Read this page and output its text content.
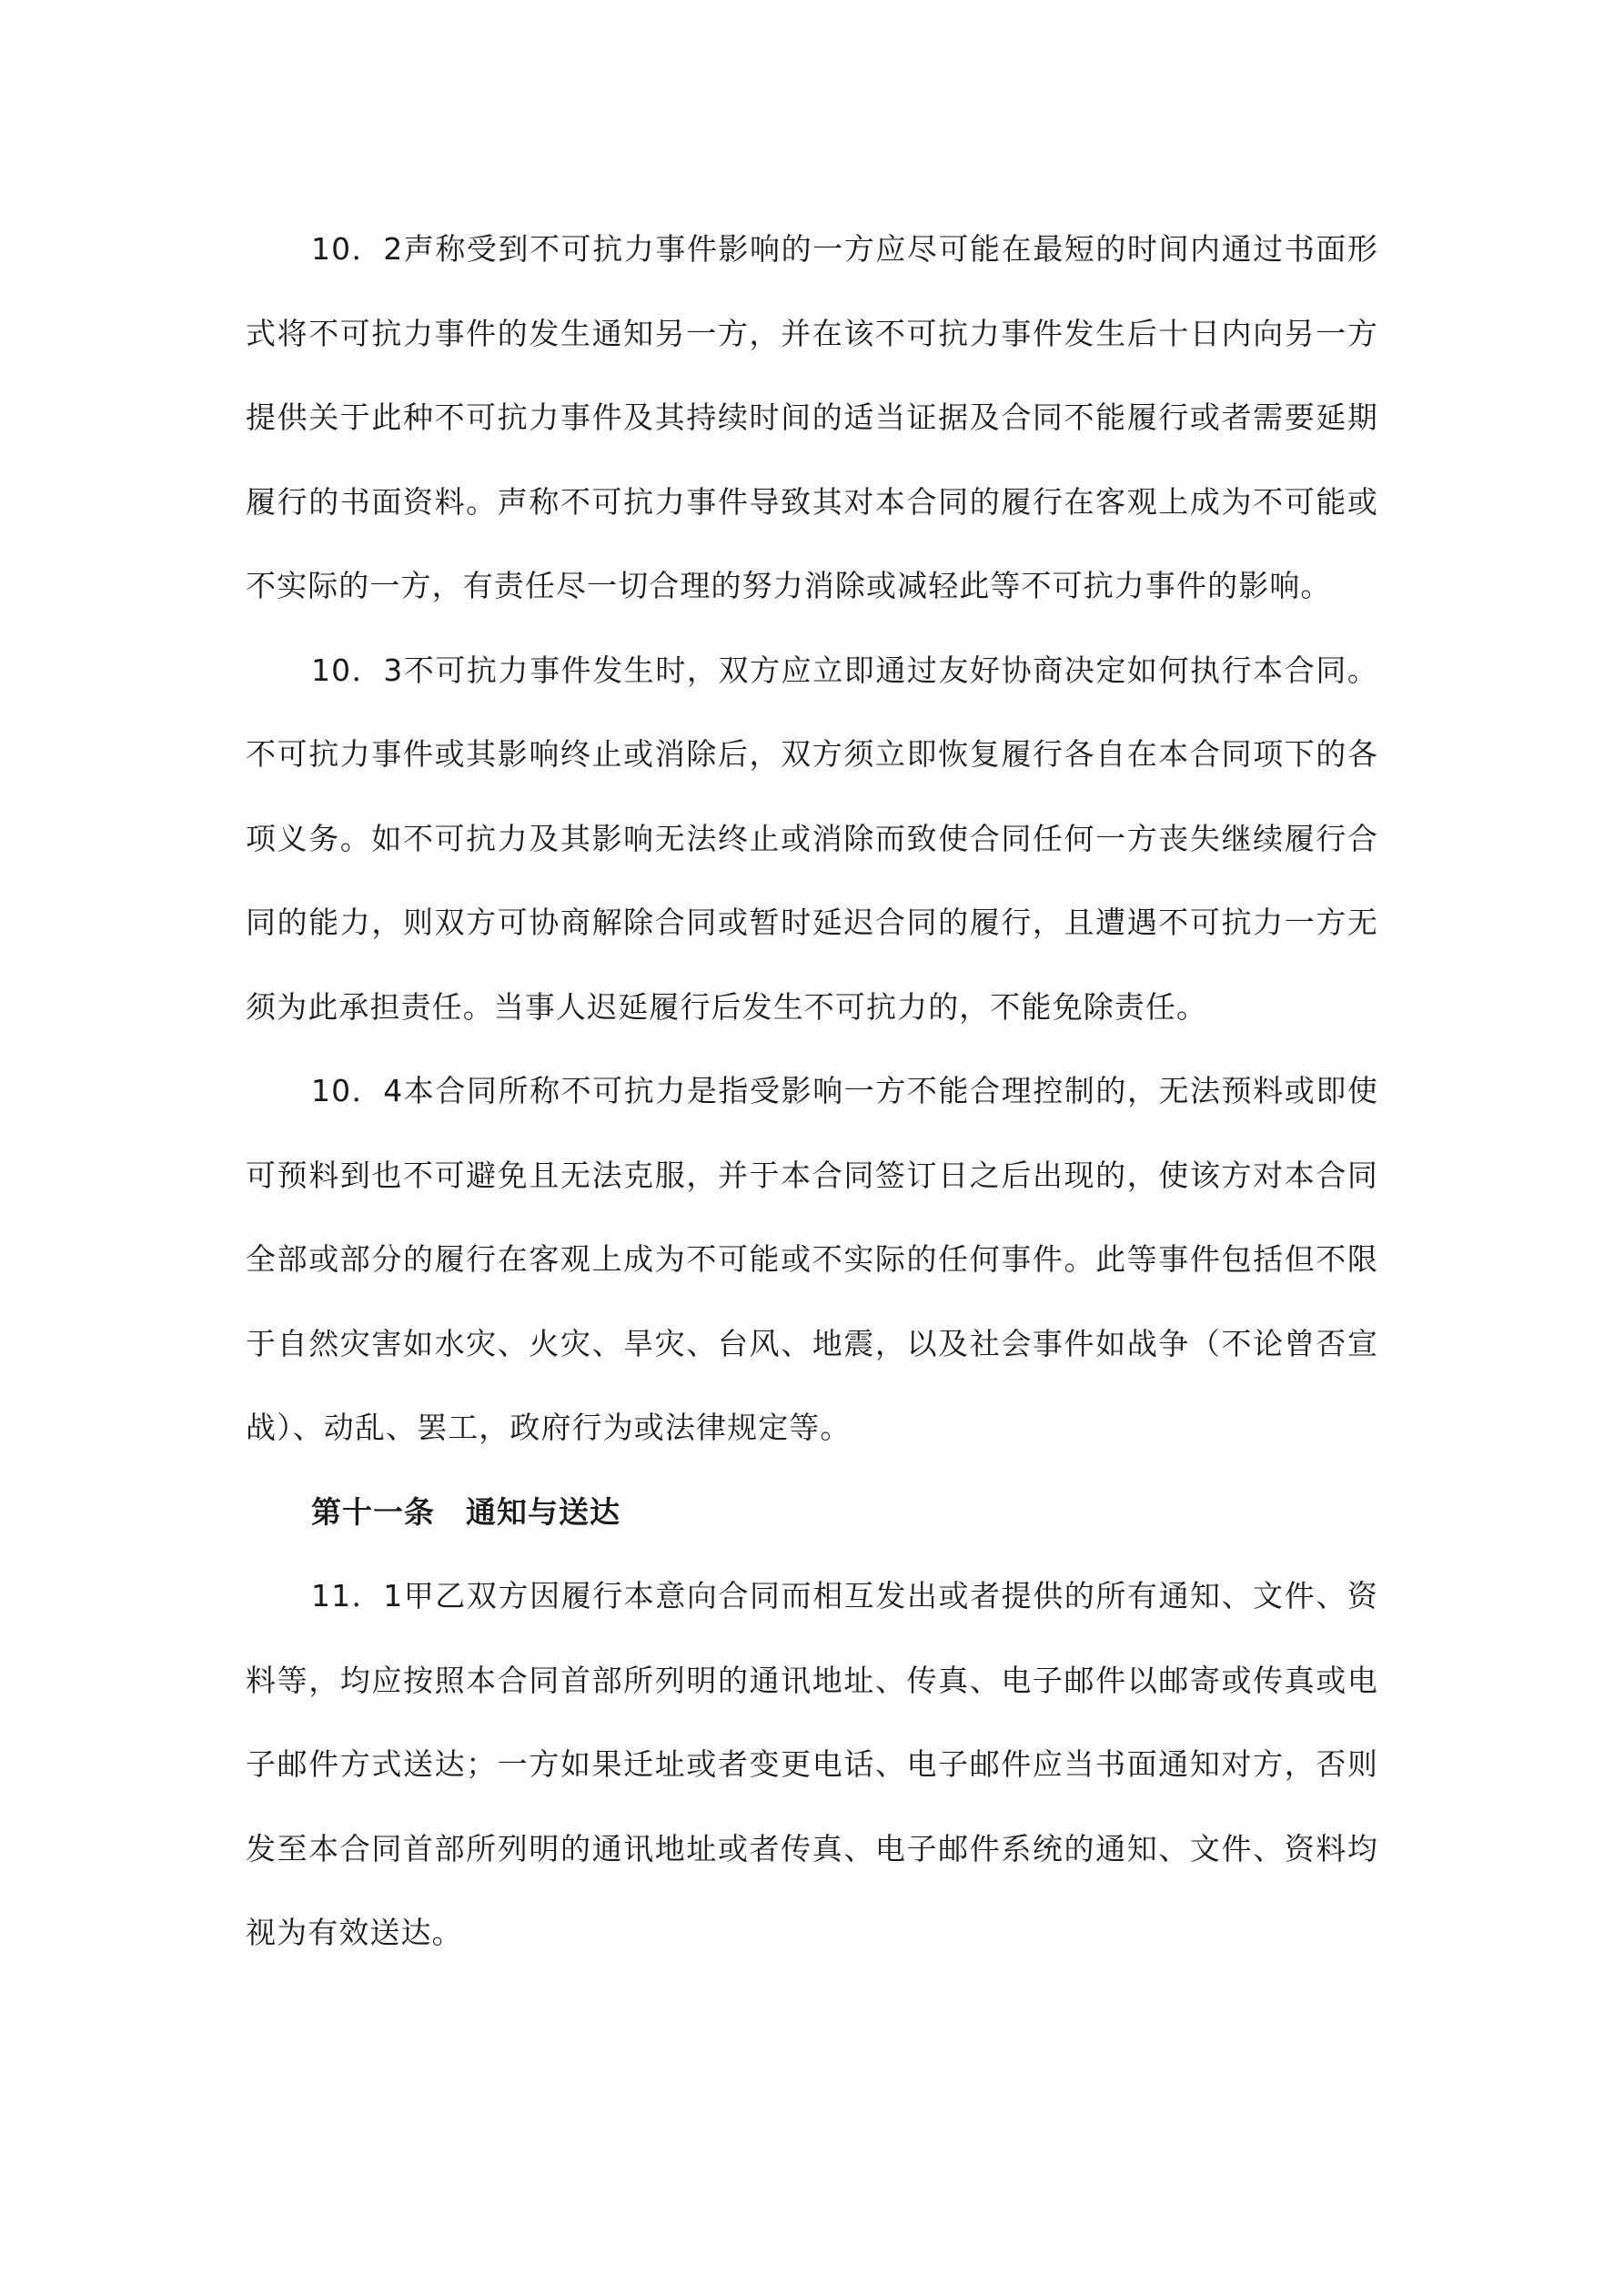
10．2声称受到不可抗力事件影响的一方应尽可能在最短的时间内通过书面形式将不可抗力事件的发生通知另一方，并在该不可抗力事件发生后十日内向另一方提供关于此种不可抗力事件及其持续时间的适当证据及合同不能履行或者需要延期履行的书面资料。声称不可抗力事件导致其对本合同的履行在客观上成为不可能或不实际的一方，有责任尽一切合理的努力消除或减轻此等不可抗力事件的影响。

10．3不可抗力事件发生时，双方应立即通过友好协商决定如何执行本合同。不可抗力事件或其影响终止或消除后，双方须立即恢复履行各自在本合同项下的各项义务。如不可抗力及其影响无法终止或消除而致使合同任何一方丧失继续履行合同的能力，则双方可协商解除合同或暂时延迟合同的履行，且遭遇不可抗力一方无须为此承担责任。当事人迟延履行后发生不可抗力的，不能免除责任。

10．4本合同所称不可抗力是指受影响一方不能合理控制的，无法预料或即使可预料到也不可避免且无法克服，并于本合同签订日之后出现的，使该方对本合同全部或部分的履行在客观上成为不可能或不实际的任何事件。此等事件包括但不限于自然灾害如水灾、火灾、旱灾、台风、地震，以及社会事件如战争（不论曾否宣战）、动乱、罢工，政府行为或法律规定等。

第十一条　通知与送达

11．1甲乙双方因履行本意向合同而相互发出或者提供的所有通知、文件、资料等，均应按照本合同首部所列明的通讯地址、传真、电子邮件以邮寄或传真或电子邮件方式送达；一方如果迁址或者变更电话、电子邮件应当书面通知对方，否则发至本合同首部所列明的通讯地址或者传真、电子邮件系统的通知、文件、资料均视为有效送达。
